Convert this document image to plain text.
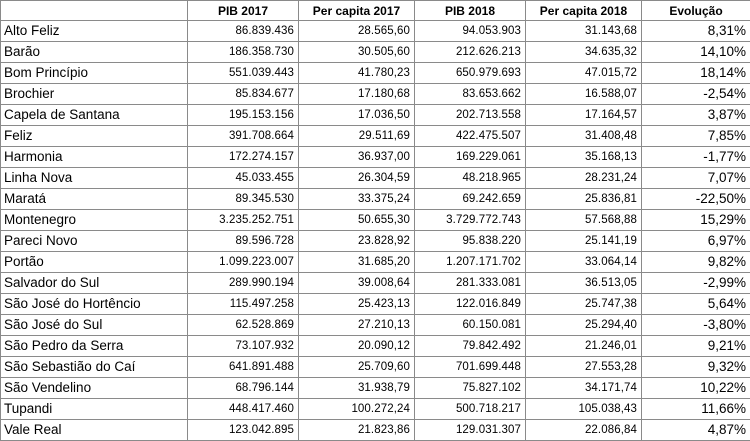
	PIB 2017	Per capita 2017	PIB 2018	Per capita 2018	Evolução
Alto Feliz	86.839.436	28.565,60	94.053.903	31.143,68	8,31%
Barão	186.358.730	30.505,60	212.626.213	34.635,32	14,10%
Bom Princípio	551.039.443	41.780,23	650.979.693	47.015,72	18,14%
Brochier	85.834.677	17.180,68	83.653.662	16.588,07	-2,54%
Capela de Santana	195.153.156	17.036,50	202.713.558	17.164,57	3,87%
Feliz	391.708.664	29.511,69	422.475.507	31.408,48	7,85%
Harmonia	172.274.157	36.937,00	169.229.061	35.168,13	-1,77%
Linha Nova	45.033.455	26.304,59	48.218.965	28.231,24	7,07%
Maratá	89.345.530	33.375,24	69.242.659	25.836,81	-22,50%
Montenegro	3.235.252.751	50.655,30	3.729.772.743	57.568,88	15,29%
Pareci Novo	89.596.728	23.828,92	95.838.220	25.141,19	6,97%
Portão	1.099.223.007	31.685,20	1.207.171.702	33.064,14	9,82%
Salvador do Sul	289.990.194	39.008,64	281.333.081	36.513,05	-2,99%
São José do Hortêncio	115.497.258	25.423,13	122.016.849	25.747,38	5,64%
São José do Sul	62.528.869	27.210,13	60.150.081	25.294,40	-3,80%
São Pedro da Serra	73.107.932	20.090,12	79.842.492	21.246,01	9,21%
São Sebastião do Caí	641.891.488	25.709,60	701.699.448	27.553,28	9,32%
São Vendelino	68.796.144	31.938,79	75.827.102	34.171,74	10,22%
Tupandi	448.417.460	100.272,24	500.718.217	105.038,43	11,66%
Vale Real	123.042.895	21.823,86	129.031.307	22.086,84	4,87%
